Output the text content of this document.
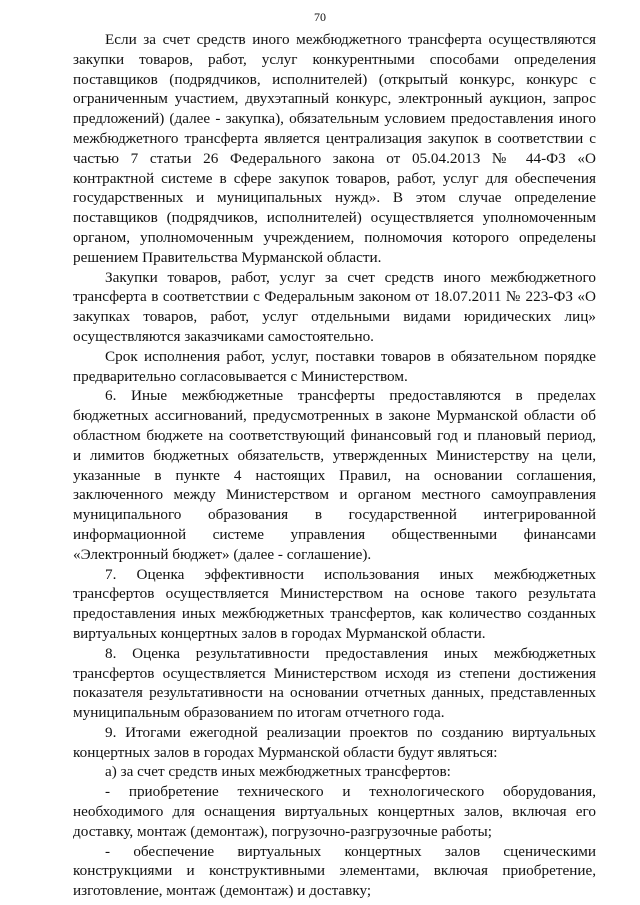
70
Если за счет средств иного межбюджетного трансферта осуществляются
закупки товаров, работ, услуг конкурентными способами определения
поставщиков (подрядчиков, исполнителей) (открытый конкурс, конкурс с
ограниченным участием, двухэтапный конкурс, электронный аукцион, запрос
предложений) (далее - закупка), обязательным условием предоставления иного
межбюджетного трансферта является централизация закупок в соответствии с
частью 7 статьи 26 Федерального закона от 05.04.2013 № 44-ФЗ «О
контрактной системе в сфере закупок товаров, работ, услуг для обеспечения
государственных и муниципальных нужд». В этом случае определение
поставщиков (подрядчиков, исполнителей) осуществляется уполномоченным
органом, уполномоченным учреждением, полномочия которого определены
решением Правительства Мурманской области.
Закупки товаров, работ, услуг за счет средств иного межбюджетного
трансферта в соответствии с Федеральным законом от 18.07.2011 № 223-ФЗ «О
закупках товаров, работ, услуг отдельными видами юридических лиц»
осуществляются заказчиками самостоятельно.
Срок исполнения работ, услуг, поставки товаров в обязательном порядке
предварительно согласовывается с Министерством.
6. Иные межбюджетные трансферты предоставляются в пределах
бюджетных ассигнований, предусмотренных в законе Мурманской области об
областном бюджете на соответствующий финансовый год и плановый период,
и лимитов бюджетных обязательств, утвержденных Министерству на цели,
указанные в пункте 4 настоящих Правил, на основании соглашения,
заключенного между Министерством и органом местного самоуправления
муниципального образования в государственной интегрированной
информационной системе управления общественными финансами
«Электронный бюджет» (далее - соглашение).
7. Оценка эффективности использования иных межбюджетных
трансфертов осуществляется Министерством на основе такого результата
предоставления иных межбюджетных трансфертов, как количество созданных
виртуальных концертных залов в городах Мурманской области.
8. Оценка результативности предоставления иных межбюджетных
трансфертов осуществляется Министерством исходя из степени достижения
показателя результативности на основании отчетных данных, представленных
муниципальным образованием по итогам отчетного года.
9. Итогами ежегодной реализации проектов по созданию виртуальных
концертных залов в городах Мурманской области будут являться:
а) за счет средств иных межбюджетных трансфертов:
- приобретение технического и технологического оборудования,
необходимого для оснащения виртуальных концертных залов, включая его
доставку, монтаж (демонтаж), погрузочно-разгрузочные работы;
- обеспечение виртуальных концертных залов сценическими
конструкциями и конструктивными элементами, включая приобретение,
изготовление, монтаж (демонтаж) и доставку;
